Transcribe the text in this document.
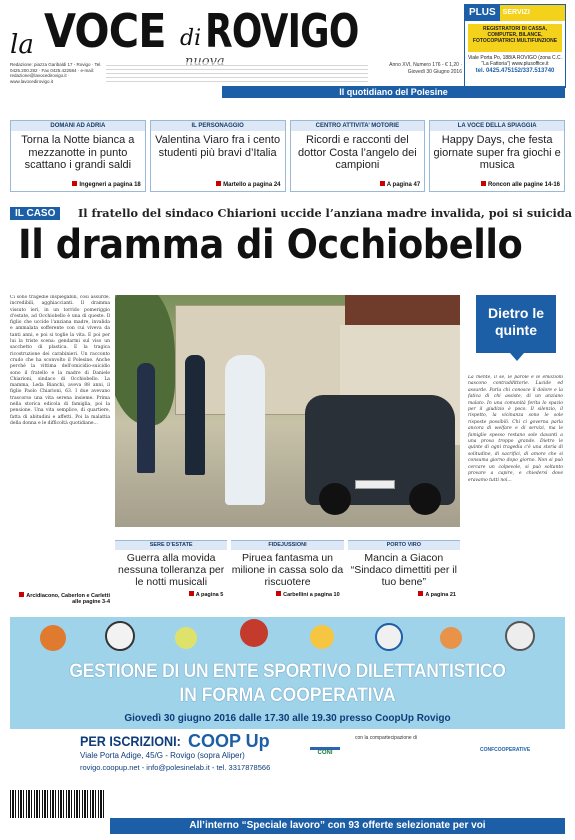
la VOCE di ROVIGO
Redazione: piazza Garibaldi 17 - Rovigo · Tel. 0425.200.282 · Fax 0425.422584 · e-mail: redazione@lavocedirovigo.it · www.lavocedirovigo.it
Anno XVI, Numero 176 - € 1,20 · Giovedì 30 Giugno 2016
PLUS	SERVIZI
REGISTRATORI DI CASSA, COMPUTER, BILANCE, FOTOCOPIATRICI MULTIFUNZIONE
Viale Porta Po, 188/A ROVIGO (zona C.C. “La Fattoria”) www.plusoffice.it
tel. 0425.475152/337.513740
Il quotidiano del Polesine
DOMANI AD ADRIA
Torna la Notte bianca a mezzanotte in punto scattano i grandi saldi
Ingegneri a pagina 18
IL PERSONAGGIO
Valentina Viaro fra i cento studenti più bravi d’Italia
Martello a pagina 24
CENTRO ATTIVITA’ MOTORIE
Ricordi e racconti del dottor Costa l’angelo dei campioni
A pagina 47
LA VOCE DELLA SPIAGGIA
Happy Days, che festa giornate super fra giochi e musica
Roncon alle pagine 14-16
IL CASO	Il fratello del sindaco Chiarioni uccide l’anziana madre invalida, poi si suicida
Il dramma di Occhiobello
Ci sono tragedie inspiegabili, così assurde, incredibili, agghiaccianti. Il dramma vissuto ieri, in un torrido pomeriggio d'estate, ad Occhiobello è una di queste. Il figlio che uccide l'anziana madre, invalida e ammalata sofferente con cui viveva da tanti anni, e poi si toglie la vita. E poi per lui la triste scena: gendarmi sul viso un sacchetto di plastica. E la tragica ricostruzione dei carabinieri. Un racconto crudo che ha sconvolto il Polesine. Anche perché la vittima dell'omicidio-suicidio sono il fratello e la madre di Daniele Chiarioni, sindaco di Occhiobello. La mamma, Leda Bianchi, aveva 88 anni, il figlio Paolo Chiarioni, 63. I due avevano trascorso una vita serena insieme. Prima nella storica edicola di famiglia, poi la pensione. Una vita semplice, di quartiere, fatta di abitudini e affetti. Poi la malattia della donna e le difficoltà quotidiane...
Arcidiacono, Caberlon e Carletti alle pagine 3-4
Dietro le quinte
La mente, il sé, le parole e le emozioni nascono contraddittorie. Lucide ed assurde. Parla chi conosce il dolore e la fatica di chi assiste, di un anziano malato. In una comunità ferita lo spazio per il giudizio è poco. Il silenzio, il rispetto, la vicinanza sono le sole risposte possibili. Chi ci governa parla ancora di welfare e di servizi, ma le famiglie spesso restano sole davanti a una prova troppo grande. Dietro le quinte di ogni tragedia c'è una storia di solitudine, di sacrifici, di amore che si consuma giorno dopo giorno. Non si può cercare un colpevole, si può soltanto provare a capire, e chiedersi dove eravamo tutti noi...
SERE D’ESTATE
Guerra alla movida nessuna tolleranza per le notti musicali
A pagina 5
FIDEJUSSIONI
Piruea fantasma un milione in cassa solo da riscuotere
Carbellini a pagina 10
PORTO VIRO
Mancin a Giacon “Sindaco dimettiti per il tuo bene”
A pagina 21
GESTIONE DI UN ENTE SPORTIVO DILETTANTISTICO
IN FORMA COOPERATIVA
Giovedì 30 giugno 2016 dalle 17.30 alle 19.30 presso CoopUp Rovigo
PER ISCRIZIONI:
Viale Porta Adige, 45/G - Rovigo (sopra Aliper)
rovigo.coopup.net - info@polesinelab.it - tel. 3317878566
COOP Up
CONI
con la compartecipazione di
CONFCOOPERATIVE
All’interno “Speciale lavoro” con 93 offerte selezionate per voi
